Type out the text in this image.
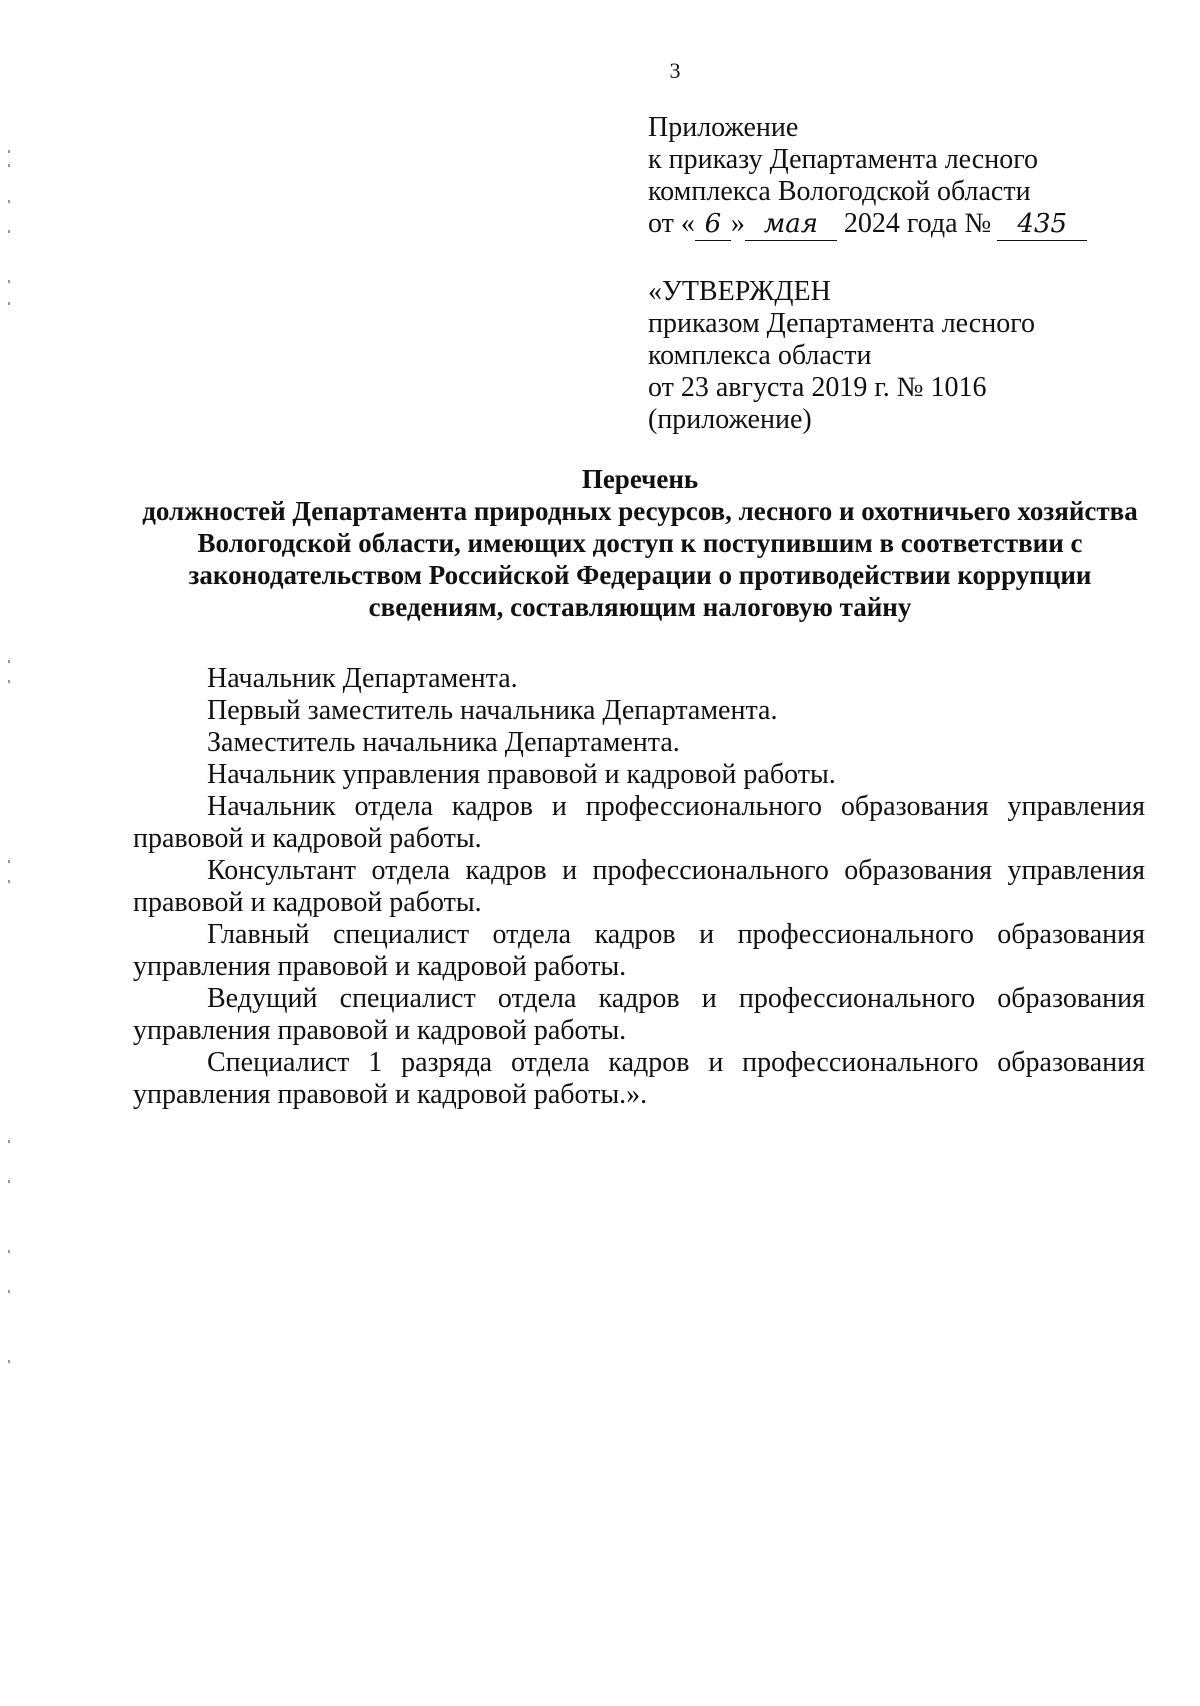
3
Приложение
к приказу Департамента лесного
комплекса Вологодской области
от « 6 » мая 2024 года № 435
«УТВЕРЖДЕН
приказом Департамента лесного
комплекса области
от 23 августа 2019 г. № 1016
(приложение)
Перечень
должностей Департамента природных ресурсов, лесного и охотничьего хозяйства Вологодской области, имеющих доступ к поступившим в соответствии с законодательством Российской Федерации о противодействии коррупции сведениям, составляющим налоговую тайну

Начальник Департамента.

Первый заместитель начальника Департамента.

Заместитель начальника Департамента.

Начальник управления правовой и кадровой работы.

Начальник отдела кадров и профессионального образования управления правовой и кадровой работы.

Консультант отдела кадров и профессионального образования управления правовой и кадровой работы.

Главный специалист отдела кадров и профессионального образования управления правовой и кадровой работы.

Ведущий специалист отдела кадров и профессионального образования управления правовой и кадровой работы.

Специалист 1 разряда отдела кадров и профессионального образования управления правовой и кадровой работы.».
